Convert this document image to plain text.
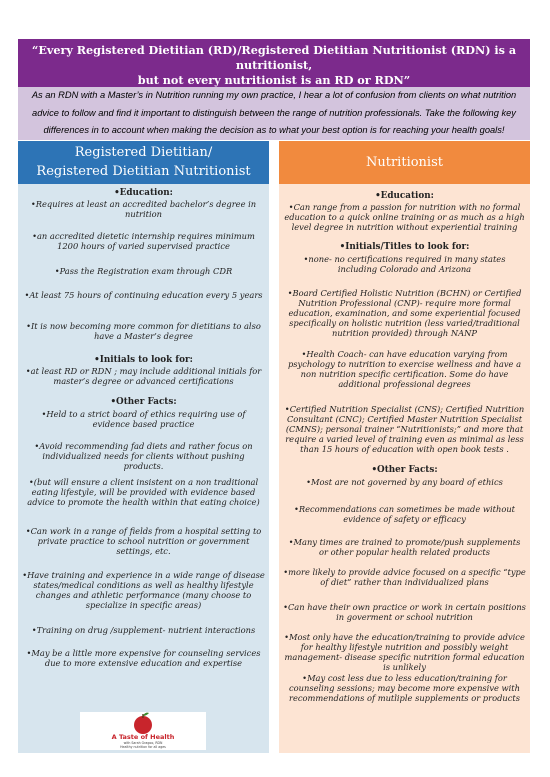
“Every Registered Dietitian (RD)/Registered Dietitian Nutritionist (RDN) is a nutritionist,
but not every nutritionist is an RD or RDN”
As an RDN with a Master’s in Nutrition running my own practice, I hear a lot of confusion from clients on what nutrition advice to follow and find it important to distinguish between the range of nutrition professionals. Take the following key differences in to account when making the decision as to what your best option is for reaching your health goals!
Registered Dietitian/
Registered Dietitian Nutritionist
Nutritionist
•Education:
•Requires at least an accredited bachelor’s degree in nutrition
•an accredited dietetic internship requires minimum 1200 hours of varied supervised practice
•Pass the Registration exam through CDR
•At least 75 hours of continuing education every 5 years
•It is now becoming more common for dietitians to also have a Master’s degree
•Initials to look for:
•at least RD or RDN ; may include additional initials for master’s degree or advanced certifications
•Other Facts:
•Held to a strict board of ethics requiring use of evidence based practice
•Avoid recommending fad diets and rather focus on individualized needs for clients without pushing products.
•(but will ensure a client insistent on a non traditional eating lifestyle, will be provided with evidence based advice to promote the health within that eating choice)
•Can work in a range of fields from a hospital setting to private practice to school nutrition or government settings, etc.
•Have training and experience in a wide range of disease states/medical conditions as well as healthy lifestyle changes and athletic performance (many choose to specialize in specific areas)
•Training on drug /supplement- nutrient interactions
•May be a little more expensive for counseling services due to more extensive education and expertise
A Taste of Health
with Sarah Gragoo, RDN
Healthy nutrition for all ages
•Education:
•Can range from a passion for nutrition with no formal education to a quick online training or as much as a high level degree in nutrition without experiential training
•Initials/Titles to look for:
•none- no certifications required in many states including Colorado and Arizona
•Board Certified Holistic Nutrition (BCHN) or Certified Nutrition Professional (CNP)- require more formal education, examination, and some experiential focused specifically on holistic nutrition (less varied/traditional nutrition provided) through NANP
•Health Coach- can have education varying from psychology to nutrition to exercise wellness and have a non nutrition specific certification. Some do have additional professional degrees
•Certified Nutrition Specialist (CNS); Certified Nutrition Consultant (CNC); Certified Master Nutrition Specialist (CMNS); personal trainer “Nutritionists;” and more that require a varied level of training even as minimal as less than 15 hours of education with open book tests .
•Other Facts:
•Most are not governed by any board of ethics
•Recommendations can sometimes be made without evidence of safety or efficacy
•Many times are trained to promote/push supplements or other popular health related products
•more likely to provide advice focused on a specific “type of diet” rather than individualized plans
•Can have their own practice or work in certain positions in goverment or school nutrition
•Most only have the education/training to provide advice for healthy lifestyle nutrition and possibly weight management- disease specific nutrition formal education is unlikely
•May cost less due to less education/training for counseling sessions; may become more expensive with recommendations of mutliple supplements or products
